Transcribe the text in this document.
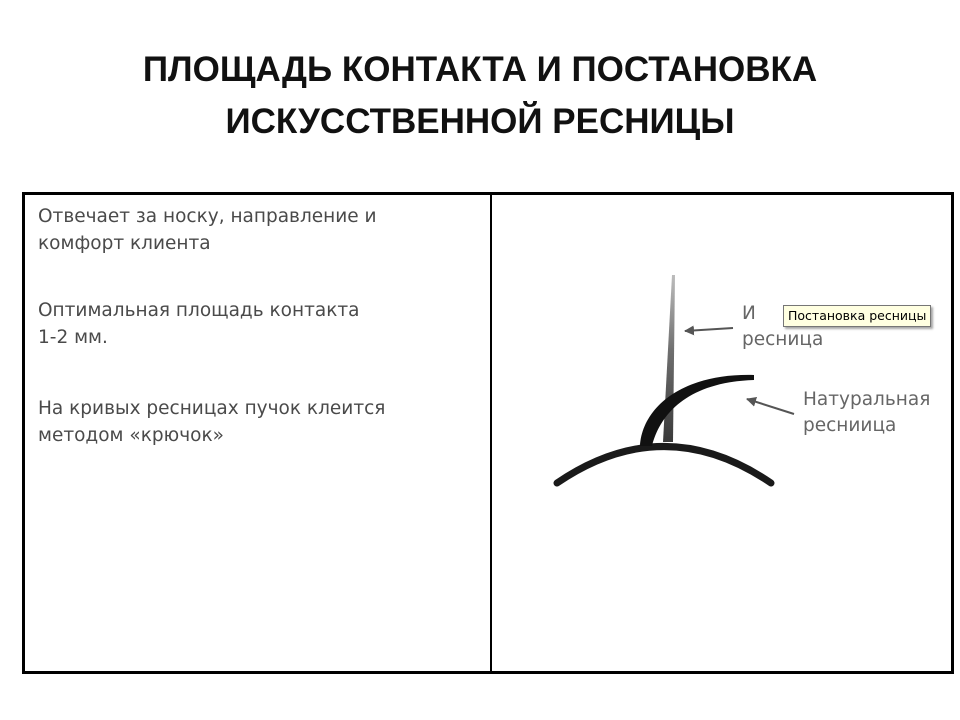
ПЛОЩАДЬ КОНТАКТА И ПОСТАНОВКА
ИСКУССТВЕННОЙ РЕСНИЦЫ
Отвечает за носку, направление и
комфорт клиента
Оптимальная площадь контакта
1-2 мм.
На кривых ресницах пучок клеится
методом «крючок»
И
ресница
Натуральная
ресниица
Постановка ресницы
